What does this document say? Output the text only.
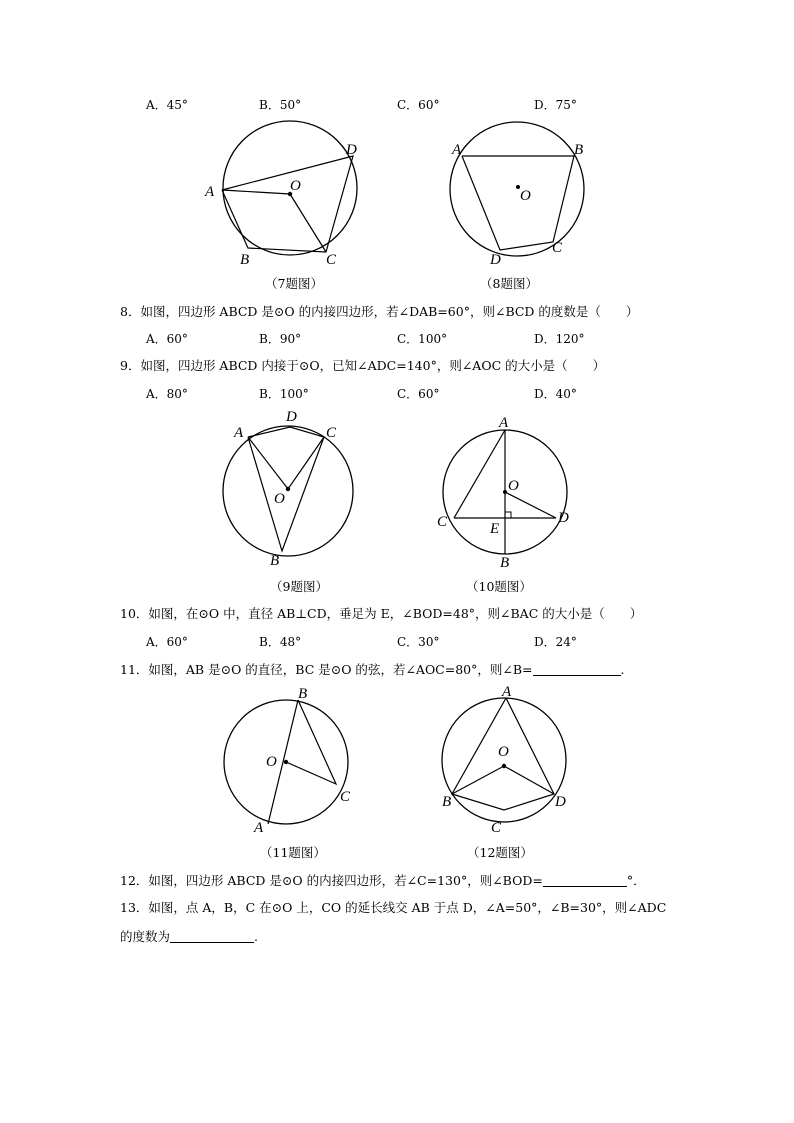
A．45°	B．50°	C．60°	D．75°
A
B	C
D
O
（7题图）
A	B
C
D
O
（8题图）
8．如图，四边形 ABCD 是⊙O 的内接四边形，若∠DAB=60°，则∠BCD 的度数是（　　）
A．60°	B．90°	C．100°	D．120°
9．如图，四边形 ABCD 内接于⊙O，已知∠ADC=140°，则∠AOC 的大小是（　　）
A．80°	B．100°	C．60°	D．40°
A
B
C
D
O
（9题图）
A
B
C	D
E
O
（10题图）
10．如图，在⊙O 中，直径 AB⊥CD，垂足为 E，∠BOD=48°，则∠BAC 的大小是（　　）
A．60°	B．48°	C．30°	D．24°
11．如图，AB 是⊙O 的直径，BC 是⊙O 的弦，若∠AOC=80°，则∠B=	.
B
A
C
O
（11题图）
A
B
C
D
O
（12题图）
12．如图，四边形 ABCD 是⊙O 的内接四边形，若∠C=130°，则∠BOD=	°．
13．如图，点 A，B，C 在⊙O 上，CO 的延长线交 AB 于点 D，∠A=50°，∠B=30°，则∠ADC
的度数为	.
